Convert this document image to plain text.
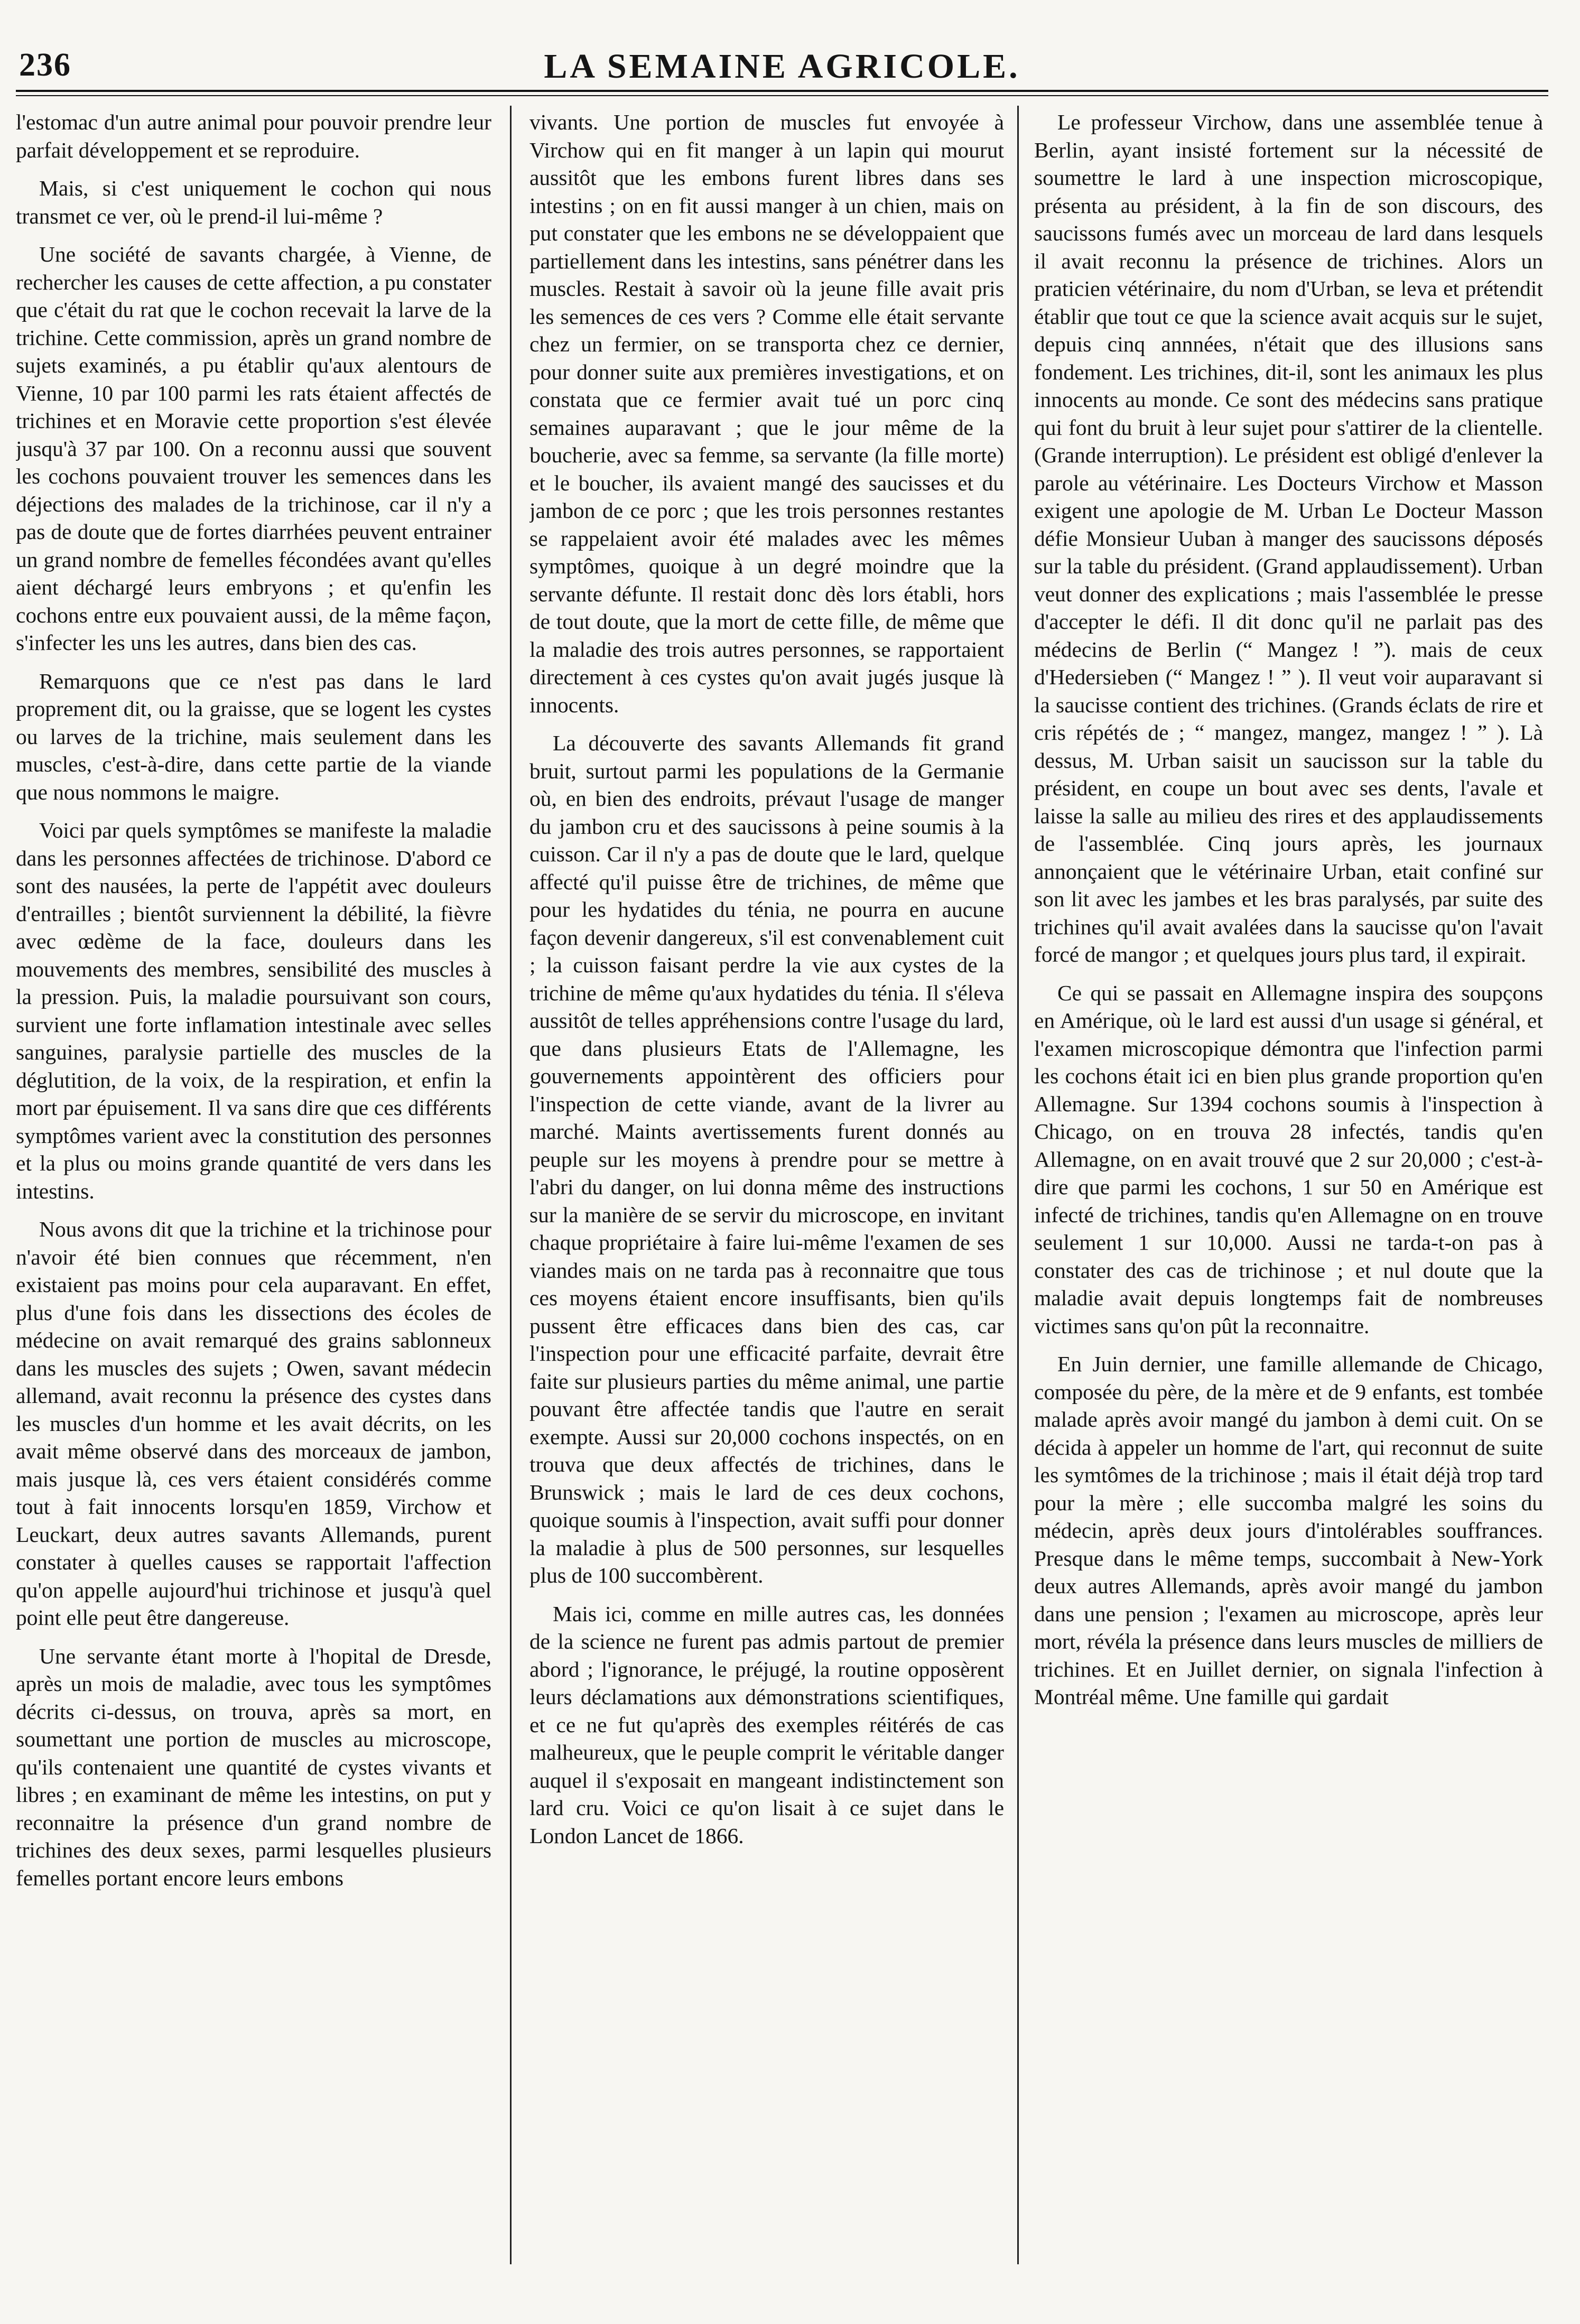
236	LA SEMAINE AGRICOLE.

l'estomac d'un autre animal pour pouvoir prendre leur parfait développement et se reproduire.

Mais, si c'est uniquement le cochon qui nous transmet ce ver, où le prend-il lui-même ?

Une société de savants chargée, à Vienne, de rechercher les causes de cette affection, a pu constater que c'était du rat que le cochon recevait la larve de la trichine. Cette commission, après un grand nombre de sujets examinés, a pu établir qu'aux alentours de Vienne, 10 par 100 parmi les rats étaient affectés de trichines et en Moravie cette proportion s'est élevée jusqu'à 37 par 100. On a reconnu aussi que souvent les cochons pouvaient trouver les semences dans les déjections des malades de la trichinose, car il n'y a pas de doute que de fortes diarrhées peuvent entrainer un grand nombre de femelles fécondées avant qu'elles aient déchargé leurs embryons ; et qu'enfin les cochons entre eux pouvaient aussi, de la même façon, s'infecter les uns les autres, dans bien des cas.

Remarquons que ce n'est pas dans le lard proprement dit, ou la graisse, que se logent les cystes ou larves de la trichine, mais seulement dans les muscles, c'est-à-dire, dans cette partie de la viande que nous nommons le maigre.

Voici par quels symptômes se manifeste la maladie dans les personnes affectées de trichinose. D'abord ce sont des nausées, la perte de l'appétit avec douleurs d'entrailles ; bientôt surviennent la débilité, la fièvre avec œdème de la face, douleurs dans les mouvements des membres, sensibilité des muscles à la pression. Puis, la maladie poursuivant son cours, survient une forte inflamation intestinale avec selles sanguines, paralysie partielle des muscles de la déglutition, de la voix, de la respiration, et enfin la mort par épuisement. Il va sans dire que ces différents symptômes varient avec la constitution des personnes et la plus ou moins grande quantité de vers dans les intestins.

Nous avons dit que la trichine et la trichinose pour n'avoir été bien connues que récemment, n'en existaient pas moins pour cela auparavant. En effet, plus d'une fois dans les dissections des écoles de médecine on avait remarqué des grains sablonneux dans les muscles des sujets ; Owen, savant médecin allemand, avait reconnu la présence des cystes dans les muscles d'un homme et les avait décrits, on les avait même observé dans des morceaux de jambon, mais jusque là, ces vers étaient considérés comme tout à fait innocents lorsqu'en 1859, Virchow et Leuckart, deux autres savants Allemands, purent constater à quelles causes se rapportait l'affection qu'on appelle aujourd'hui trichinose et jusqu'à quel point elle peut être dangereuse.

Une servante étant morte à l'hopital de Dresde, après un mois de maladie, avec tous les symptômes décrits ci-dessus, on trouva, après sa mort, en soumettant une portion de muscles au microscope, qu'ils contenaient une quantité de cystes vivants et libres ; en examinant de même les intestins, on put y reconnaitre la présence d'un grand nombre de trichines des deux sexes, parmi lesquelles plusieurs femelles portant encore leurs embons

vivants. Une portion de muscles fut envoyée à Virchow qui en fit manger à un lapin qui mourut aussitôt que les embons furent libres dans ses intestins ; on en fit aussi manger à un chien, mais on put constater que les embons ne se développaient que partiellement dans les intestins, sans pénétrer dans les muscles. Restait à savoir où la jeune fille avait pris les semences de ces vers ? Comme elle était servante chez un fermier, on se transporta chez ce dernier, pour donner suite aux premières investigations, et on constata que ce fermier avait tué un porc cinq semaines auparavant ; que le jour même de la boucherie, avec sa femme, sa servante (la fille morte) et le boucher, ils avaient mangé des saucisses et du jambon de ce porc ; que les trois personnes restantes se rappelaient avoir été malades avec les mêmes symptômes, quoique à un degré moindre que la servante défunte. Il restait donc dès lors établi, hors de tout doute, que la mort de cette fille, de même que la maladie des trois autres personnes, se rapportaient directement à ces cystes qu'on avait jugés jusque là innocents.

La découverte des savants Allemands fit grand bruit, surtout parmi les populations de la Germanie où, en bien des endroits, prévaut l'usage de manger du jambon cru et des saucissons à peine soumis à la cuisson. Car il n'y a pas de doute que le lard, quelque affecté qu'il puisse être de trichines, de même que pour les hydatides du ténia, ne pourra en aucune façon devenir dangereux, s'il est convenablement cuit ; la cuisson faisant perdre la vie aux cystes de la trichine de même qu'aux hydatides du ténia. Il s'éleva aussitôt de telles appréhensions contre l'usage du lard, que dans plusieurs Etats de l'Allemagne, les gouvernements appointèrent des officiers pour l'inspection de cette viande, avant de la livrer au marché. Maints avertissements furent donnés au peuple sur les moyens à prendre pour se mettre à l'abri du danger, on lui donna même des instructions sur la manière de se servir du microscope, en invitant chaque propriétaire à faire lui-même l'examen de ses viandes mais on ne tarda pas à reconnaitre que tous ces moyens étaient encore insuffisants, bien qu'ils pussent être efficaces dans bien des cas, car l'inspection pour une efficacité parfaite, devrait être faite sur plusieurs parties du même animal, une partie pouvant être affectée tandis que l'autre en serait exempte. Aussi sur 20,000 cochons inspectés, on en trouva que deux affectés de trichines, dans le Brunswick ; mais le lard de ces deux cochons, quoique soumis à l'inspection, avait suffi pour donner la maladie à plus de 500 personnes, sur lesquelles plus de 100 succombèrent.

Mais ici, comme en mille autres cas, les données de la science ne furent pas admis partout de premier abord ; l'ignorance, le préjugé, la routine opposèrent leurs déclamations aux démonstrations scientifiques, et ce ne fut qu'après des exemples réitérés de cas malheureux, que le peuple comprit le véritable danger auquel il s'exposait en mangeant indistinctement son lard cru. Voici ce qu'on lisait à ce sujet dans le London Lancet de 1866.

Le professeur Virchow, dans une assemblée tenue à Berlin, ayant insisté fortement sur la nécessité de soumettre le lard à une inspection microscopique, présenta au président, à la fin de son discours, des saucissons fumés avec un morceau de lard dans lesquels il avait reconnu la présence de trichines. Alors un praticien vétérinaire, du nom d'Urban, se leva et prétendit établir que tout ce que la science avait acquis sur le sujet, depuis cinq annnées, n'était que des illusions sans fondement. Les trichines, dit-il, sont les animaux les plus innocents au monde. Ce sont des médecins sans pratique qui font du bruit à leur sujet pour s'attirer de la clientelle. (Grande interruption). Le président est obligé d'enlever la parole au vétérinaire. Les Docteurs Virchow et Masson exigent une apologie de M. Urban Le Docteur Masson défie Monsieur Uuban à manger des saucissons déposés sur la table du président. (Grand applaudissement). Urban veut donner des explications ; mais l'assemblée le presse d'accepter le défi. Il dit donc qu'il ne parlait pas des médecins de Berlin (“ Mangez ! ”). mais de ceux d'Hedersieben (“ Mangez ! ” ). Il veut voir auparavant si la saucisse contient des trichines. (Grands éclats de rire et cris répétés de ; “ mangez, mangez, mangez ! ” ). Là dessus, M. Urban saisit un saucisson sur la table du président, en coupe un bout avec ses dents, l'avale et laisse la salle au milieu des rires et des applaudissements de l'assemblée. Cinq jours après, les journaux annonçaient que le vétérinaire Urban, etait confiné sur son lit avec les jambes et les bras paralysés, par suite des trichines qu'il avait avalées dans la saucisse qu'on l'avait forcé de mangor ; et quelques jours plus tard, il expirait.

Ce qui se passait en Allemagne inspira des soupçons en Amérique, où le lard est aussi d'un usage si général, et l'examen microscopique démontra que l'infection parmi les cochons était ici en bien plus grande proportion qu'en Allemagne. Sur 1394 cochons soumis à l'inspection à Chicago, on en trouva 28 infectés, tandis qu'en Allemagne, on en avait trouvé que 2 sur 20,000 ; c'est-à-dire que parmi les cochons, 1 sur 50 en Amérique est infecté de trichines, tandis qu'en Allemagne on en trouve seulement 1 sur 10,000. Aussi ne tarda-t-on pas à constater des cas de trichinose ; et nul doute que la maladie avait depuis longtemps fait de nombreuses victimes sans qu'on pût la reconnaitre.

En Juin dernier, une famille allemande de Chicago, composée du père, de la mère et de 9 enfants, est tombée malade après avoir mangé du jambon à demi cuit. On se décida à appeler un homme de l'art, qui reconnut de suite les symtômes de la trichinose ; mais il était déjà trop tard pour la mère ; elle succomba malgré les soins du médecin, après deux jours d'intolérables souffrances. Presque dans le même temps, succombait à New-York deux autres Allemands, après avoir mangé du jambon dans une pension ; l'examen au microscope, après leur mort, révéla la présence dans leurs muscles de milliers de trichines. Et en Juillet dernier, on signala l'infection à Montréal même. Une famille qui gardait
